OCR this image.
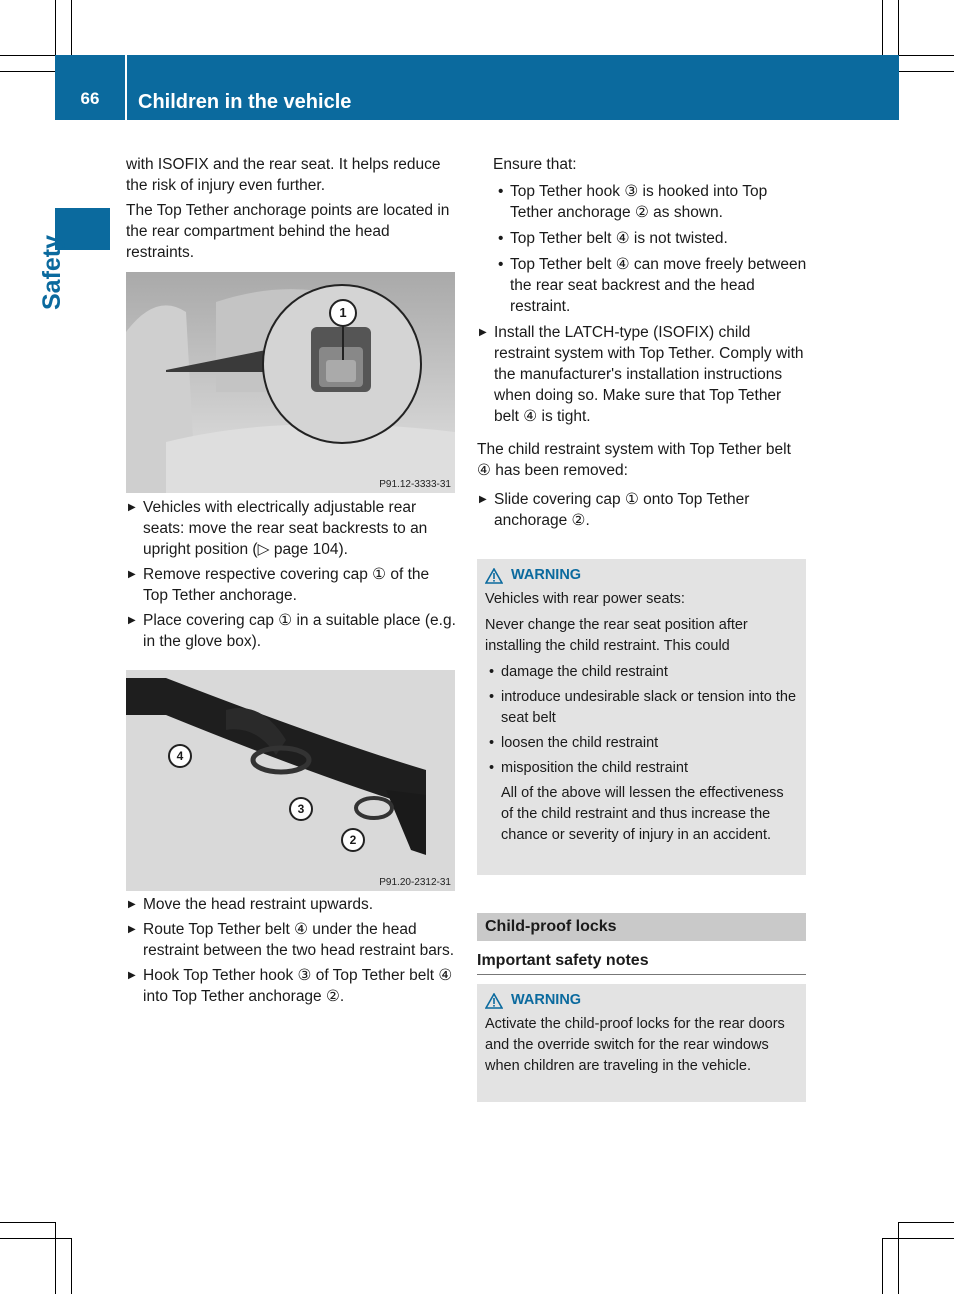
66	Children in the vehicle
Safety

with ISOFIX and the rear seat. It helps reduce the risk of injury even further.

The Top Tether anchorage points are located in the rear compartment behind the head restraints.

1
P91.12-3333-31
▶ Vehicles with electrically adjustable rear seats: move the rear seat backrests to an upright position (▷ page 104).
▶ Remove respective covering cap ① of the Top Tether anchorage.
▶ Place covering cap ① in a suitable place (e.g. in the glove box).
4
3
2
P91.20-2312-31
▶ Move the head restraint upwards.
▶ Route Top Tether belt ④ under the head restraint between the two head restraint bars.
▶ Hook Top Tether hook ③ of Top Tether belt ④ into Top Tether anchorage ②.
Ensure that:
• Top Tether hook ③ is hooked into Top Tether anchorage ② as shown.
• Top Tether belt ④ is not twisted.
• Top Tether belt ④ can move freely between the rear seat backrest and the head restraint.
▶ Install the LATCH-type (ISOFIX) child restraint system with Top Tether. Comply with the manufacturer's installation instructions when doing so. Make sure that Top Tether belt ④ is tight.

The child restraint system with Top Tether belt ④ has been removed:

▶ Slide covering cap ① onto Top Tether anchorage ②.
WARNING

Vehicles with rear power seats:

Never change the rear seat position after installing the child restraint. This could

• damage the child restraint
• introduce undesirable slack or tension into the seat belt
• loosen the child restraint
• misposition the child restraint
All of the above will lessen the effectiveness of the child restraint and thus increase the chance or severity of injury in an accident.
Child-proof locks
Important safety notes
WARNING

Activate the child-proof locks for the rear doors and the override switch for the rear windows when children are traveling in the vehicle.
